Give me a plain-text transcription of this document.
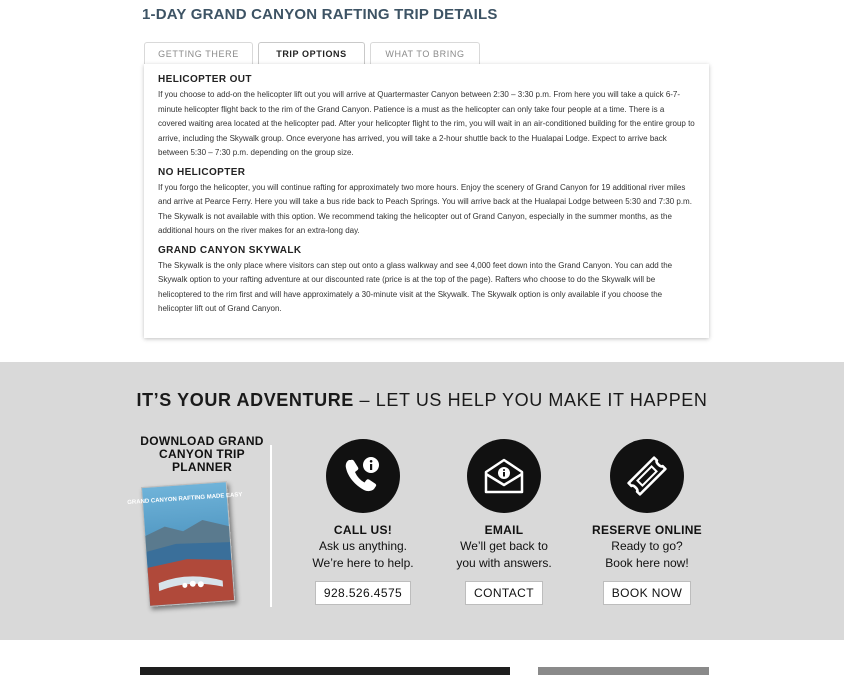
1-DAY GRAND CANYON RAFTING TRIP DETAILS
GETTING THERE	TRIP OPTIONS	WHAT TO BRING

HELICOPTER OUT

If you choose to add-on the helicopter lift out you will arrive at Quartermaster Canyon between 2:30 – 3:30 p.m. From here you will take a quick 6-7-minute helicopter flight back to the rim of the Grand Canyon. Patience is a must as the helicopter can only take four people at a time. There is a covered waiting area located at the helicopter pad. After your helicopter flight to the rim, you will wait in an air-conditioned building for the entire group to arrive, including the Skywalk group. Once everyone has arrived, you will take a 2-hour shuttle back to the Hualapai Lodge. Expect to arrive back between 5:30 – 7:30 p.m. depending on the group size.

NO HELICOPTER

If you forgo the helicopter, you will continue rafting for approximately two more hours. Enjoy the scenery of Grand Canyon for 19 additional river miles and arrive at Pearce Ferry. Here you will take a bus ride back to Peach Springs. You will arrive back at the Hualapai Lodge between 5:30 and 7:30 p.m. The Skywalk is not available with this option. We recommend taking the helicopter out of Grand Canyon, especially in the summer months, as the additional hours on the river makes for an extra-long day.

GRAND CANYON SKYWALK

The Skywalk is the only place where visitors can step out onto a glass walkway and see 4,000 feet down into the Grand Canyon. You can add the Skywalk option to your rafting adventure at our discounted rate (price is at the top of the page). Rafters who choose to do the Skywalk will be helicoptered to the rim first and will have approximately a 30-minute visit at the Skywalk. The Skywalk option is only available if you choose the helicopter lift out of Grand Canyon.

IT’S YOUR ADVENTURE – LET US HELP YOU MAKE IT HAPPEN
DOWNLOAD GRAND CANYON TRIP PLANNER
GRAND CANYON RAFTING MADE EASY
CALL US!
Ask us anything.
We’re here to help.
928.526.4575
EMAIL
We’ll get back to
you with answers.
CONTACT
RESERVE ONLINE
Ready to go?
Book here now!
BOOK NOW
